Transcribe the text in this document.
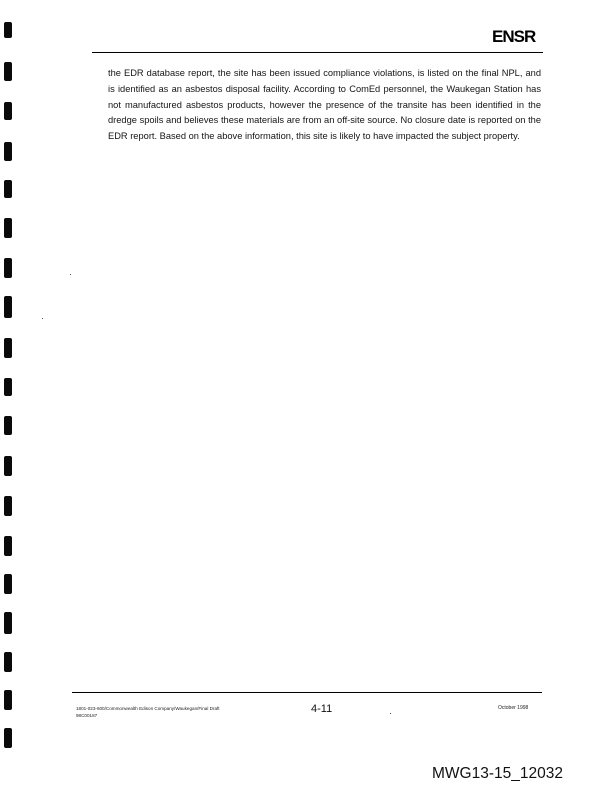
ENSR

the EDR database report, the site has been issued compliance violations, is listed on the final NPL, and is identified as an asbestos disposal facility. According to ComEd personnel, the Waukegan Station has not manufactured asbestos products, however the presence of the transite has been identified in the dredge spoils and believes these materials are from an off-site source. No closure date is reported on the EDR report. Based on the above information, this site is likely to have impacted the subject property.

1801-023-600/Commonwealth Edison Company/Waukegan/Final Draft
98C00187
4-11	October 1998
MWG13-15_12032
